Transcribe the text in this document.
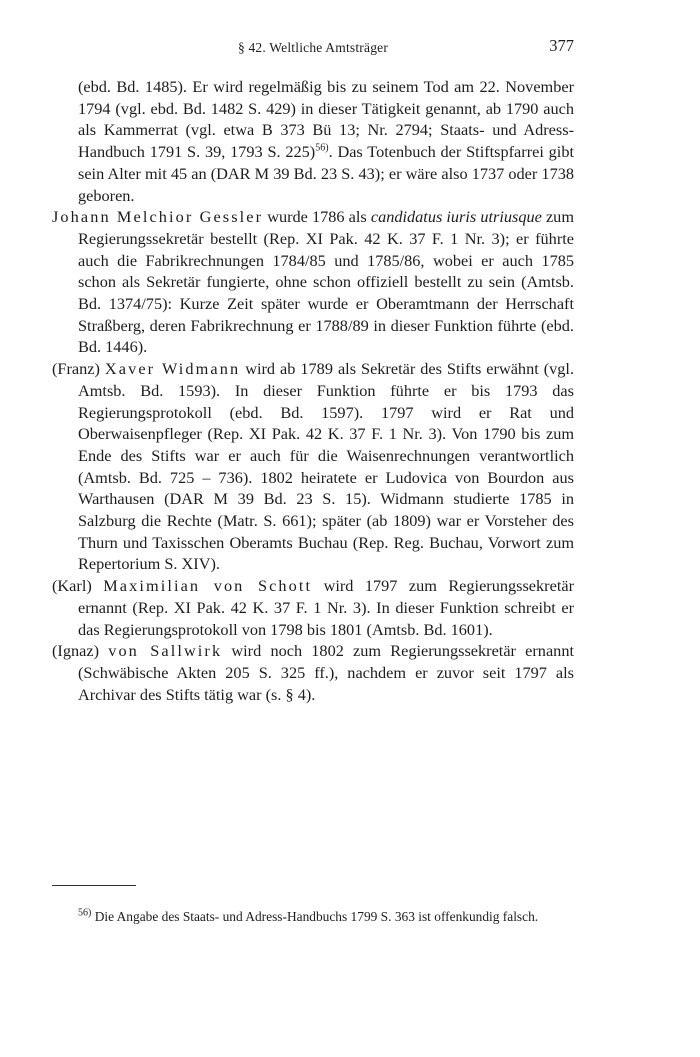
§ 42. Weltliche Amtsträger	377

(ebd. Bd. 1485). Er wird regelmäßig bis zu seinem Tod am 22. November 1794 (vgl. ebd. Bd. 1482 S. 429) in dieser Tätigkeit genannt, ab 1790 auch als Kammerrat (vgl. etwa B 373 Bü 13; Nr. 2794; Staats- und Adress-Handbuch 1791 S. 39, 1793 S. 225)$^{56)}$. Das Totenbuch der Stiftspfarrei gibt sein Alter mit 45 an (DAR M 39 Bd. 23 S. 43); er wäre also 1737 oder 1738 geboren.

Johann Melchior Gessler wurde 1786 als candidatus iuris utriusque zum Regierungssekretär bestellt (Rep. XI Pak. 42 K. 37 F. 1 Nr. 3); er führte auch die Fabrikrechnungen 1784/85 und 1785/86, wobei er auch 1785 schon als Sekretär fungierte, ohne schon offiziell bestellt zu sein (Amtsb. Bd. 1374/75): Kurze Zeit später wurde er Oberamtmann der Herrschaft Straßberg, deren Fabrikrechnung er 1788/89 in dieser Funktion führte (ebd. Bd. 1446).

(Franz) Xaver Widmann wird ab 1789 als Sekretär des Stifts erwähnt (vgl. Amtsb. Bd. 1593). In dieser Funktion führte er bis 1793 das Regierungsprotokoll (ebd. Bd. 1597). 1797 wird er Rat und Oberwaisenpfleger (Rep. XI Pak. 42 K. 37 F. 1 Nr. 3). Von 1790 bis zum Ende des Stifts war er auch für die Waisenrechnungen verantwortlich (Amtsb. Bd. 725 – 736). 1802 heiratete er Ludovica von Bourdon aus Warthausen (DAR M 39 Bd. 23 S. 15). Widmann studierte 1785 in Salzburg die Rechte (Matr. S. 661); später (ab 1809) war er Vorsteher des Thurn und Taxisschen Oberamts Buchau (Rep. Reg. Buchau, Vorwort zum Repertorium S. XIV).

(Karl) Maximilian von Schott wird 1797 zum Regierungssekretär ernannt (Rep. XI Pak. 42 K. 37 F. 1 Nr. 3). In dieser Funktion schreibt er das Regierungsprotokoll von 1798 bis 1801 (Amtsb. Bd. 1601).

(Ignaz) von Sallwirk wird noch 1802 zum Regierungssekretär ernannt (Schwäbische Akten 205 S. 325 ff.), nachdem er zuvor seit 1797 als Archivar des Stifts tätig war (s. § 4).

$^{56)}$ Die Angabe des Staats- und Adress-Handbuchs 1799 S. 363 ist offenkundig falsch.
